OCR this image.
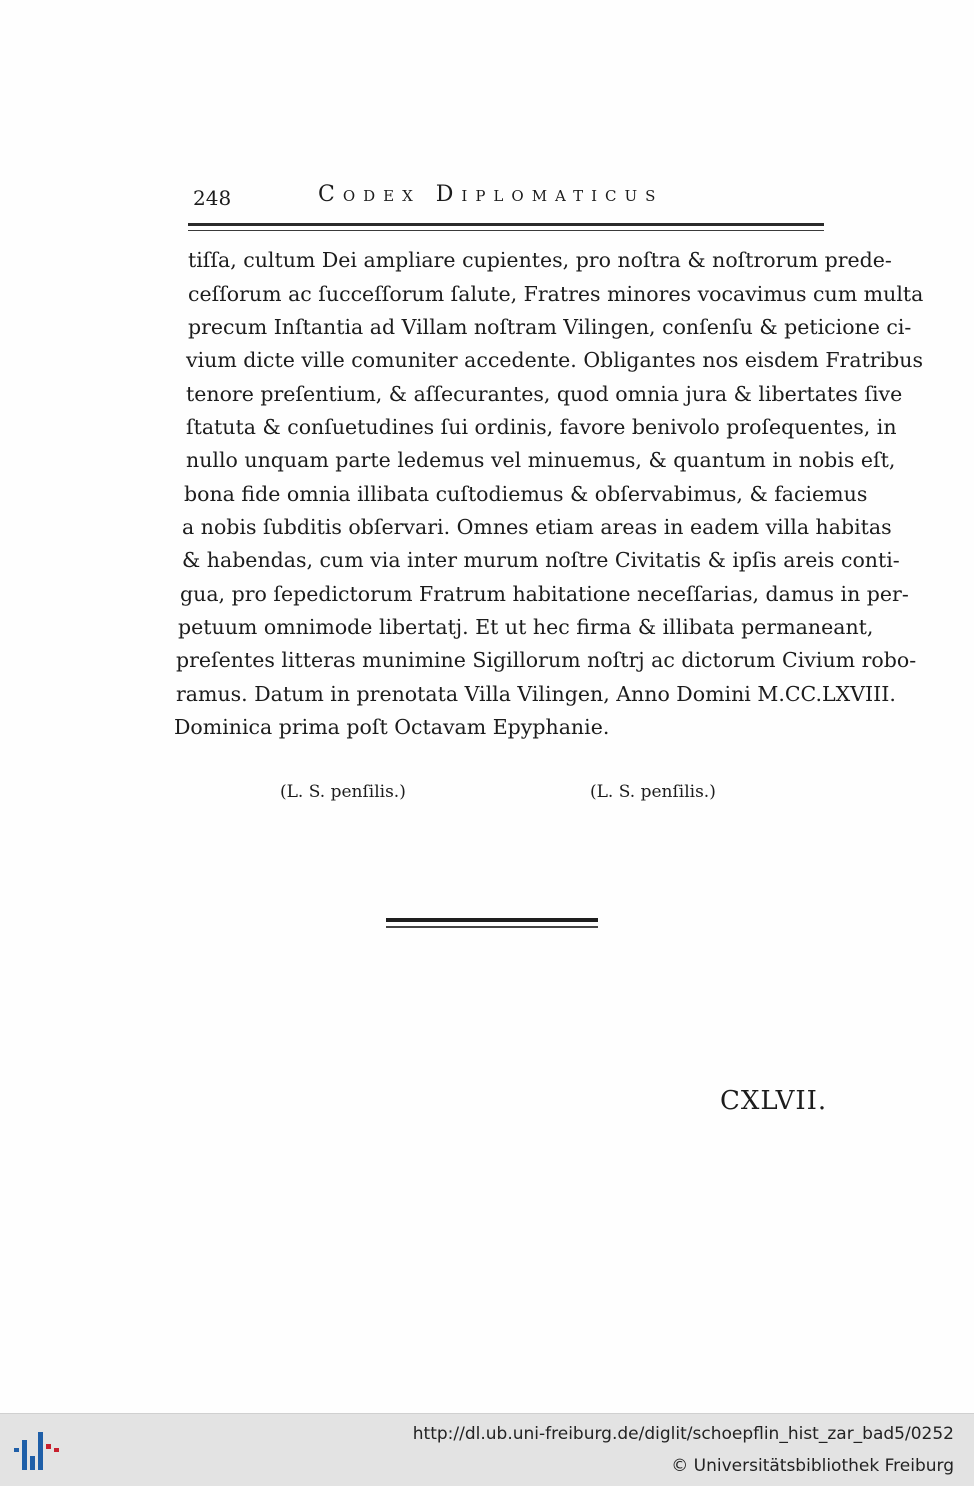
248	Codex Diplomaticus
tiſſa, cultum Dei ampliare cupientes, pro noſtra & noſtrorum prede-
ceſſorum ac ſucceſſorum ſalute, Fratres minores vocavimus cum multa
precum Inſtantia ad Villam noſtram Vilingen, conſenſu & peticione ci-
vium dicte ville comuniter accedente. Obligantes nos eisdem Fratribus
tenore preſentium, & aſſecurantes, quod omnia jura & libertates ſive
ſtatuta & conſuetudines ſui ordinis, favore benivolo proſequentes, in
nullo unquam parte ledemus vel minuemus, & quantum in nobis eſt,
bona fide omnia illibata cuſtodiemus & obſervabimus, & faciemus
a nobis ſubditis obſervari. Omnes etiam areas in eadem villa habitas
& habendas, cum via inter murum noſtre Civitatis & ipſis areis conti-
gua, pro ſepedictorum Fratrum habitatione neceſſarias, damus in per-
petuum omnimode libertatj. Et ut hec firma & illibata permaneant,
preſentes litteras munimine Sigillorum noſtrj ac dictorum Civium robo-
ramus. Datum in prenotata Villa Vilingen, Anno Domini M.CC.LXVIII.
Dominica prima poſt Octavam Epyphanie.
(L. S. penſilis.)	(L. S. penſilis.)
CXLVII.
http://dl.ub.uni-freiburg.de/diglit/schoepflin_hist_zar_bad5/0252
© Universitätsbibliothek Freiburg
